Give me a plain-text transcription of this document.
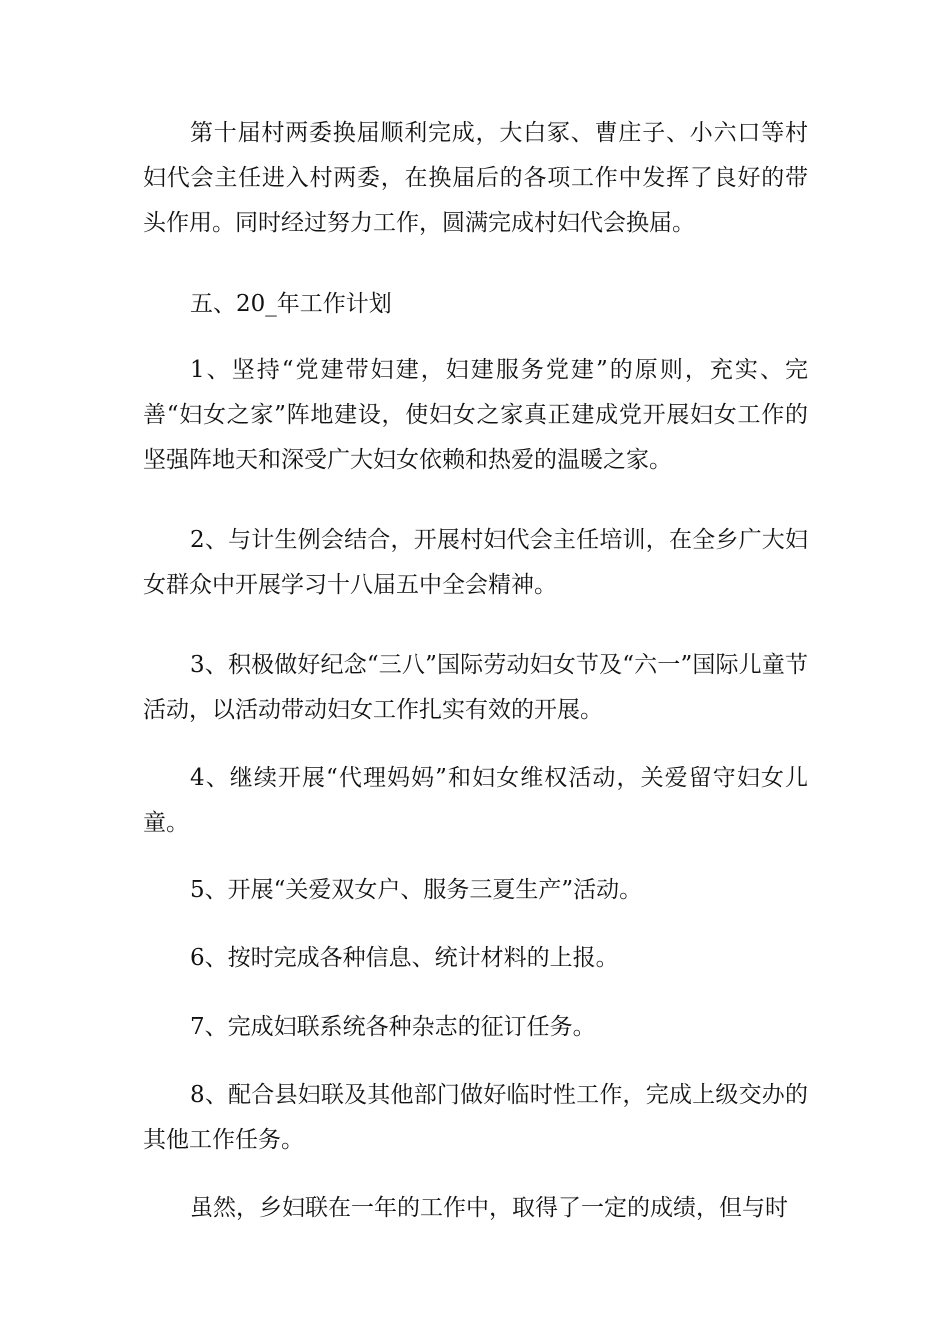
第十届村两委换届顺利完成，大白冢、曹庄子、小六口等村妇代会主任进入村两委，在换届后的各项工作中发挥了良好的带头作用。同时经过努力工作，圆满完成村妇代会换届。

五、20_年工作计划

1、坚持“党建带妇建，妇建服务党建”的原则，充实、完善“妇女之家”阵地建设，使妇女之家真正建成党开展妇女工作的坚强阵地天和深受广大妇女依赖和热爱的温暖之家。

2、与计生例会结合，开展村妇代会主任培训，在全乡广大妇女群众中开展学习十八届五中全会精神。

3、积极做好纪念“三八”国际劳动妇女节及“六一”国际儿童节活动，以活动带动妇女工作扎实有效的开展。

4、继续开展“代理妈妈”和妇女维权活动，关爱留守妇女儿童。

5、开展“关爱双女户、服务三夏生产”活动。

6、按时完成各种信息、统计材料的上报。

7、完成妇联系统各种杂志的征订任务。

8、配合县妇联及其他部门做好临时性工作，完成上级交办的其他工作任务。

虽然，乡妇联在一年的工作中，取得了一定的成绩，但与时
